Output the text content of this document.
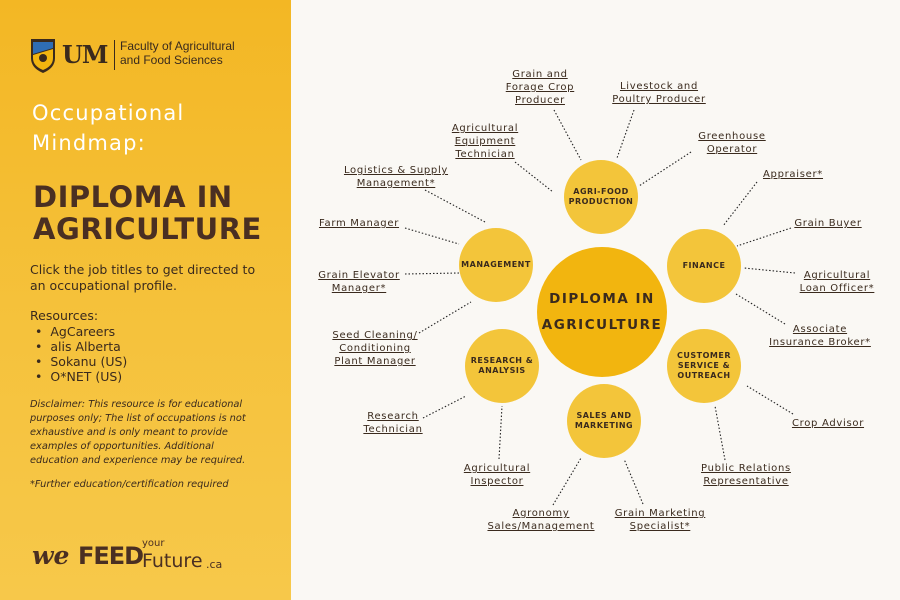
UM Faculty of Agricultural
and Food Sciences
Occupational
Mindmap:
DIPLOMA IN
AGRICULTURE
Click the job titles to get directed to an occupational profile.
Resources:
• AgCareers
• alis Alberta
• Sokanu (US)
• O*NET (US)
Disclaimer: This resource is for educational purposes only; The list of occupations is not exhaustive and is only meant to provide examples of opportunities. Additional education and experience may be required.
*Further education/certification required
we FEED
your
Future .ca
DIPLOMA IN
AGRICULTURE
AGRI-FOOD
PRODUCTION
MANAGEMENT	FINANCE
RESEARCH &
ANALYSIS
CUSTOMER
SERVICE &
OUTREACH
SALES AND
MARKETING
Grain and
Forage Crop
Producer
Livestock and
Poultry Producer
Agricultural
Equipment
Technician
Greenhouse
Operator
Logistics & Supply
Management*
Appraiser*
Farm Manager	Grain Buyer
Grain Elevator
Manager*
Agricultural
Loan Officer*
Seed Cleaning/
Conditioning
Plant Manager
Associate
Insurance Broker*
Research
Technician
Crop Advisor
Agricultural
Inspector
Public Relations
Representative
Agronomy
Sales/Management
Grain Marketing
Specialist*
